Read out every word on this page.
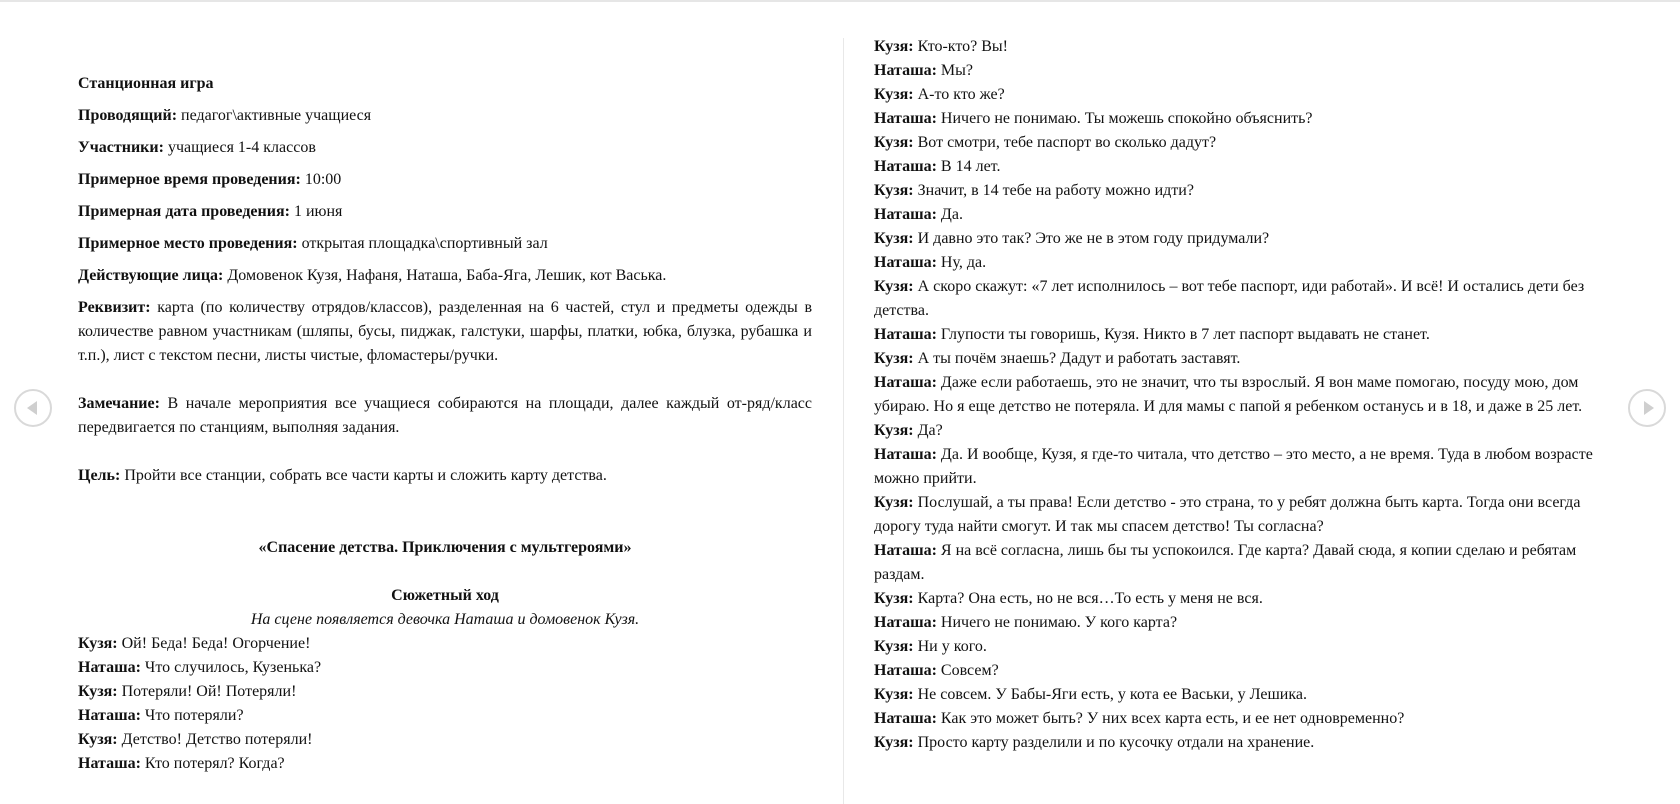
Станционная игра

Проводящий: педагог\активные учащиеся

Участники: учащиеся 1-4 классов

Примерное время проведения: 10:00

Примерная дата проведения: 1 июня

Примерное место проведения: открытая площадка\спортивный зал

Действующие лица: Домовенок Кузя, Нафаня, Наташа, Баба-Яга, Лешик, кот Васька.

Реквизит: карта (по количеству отрядов/классов), разделенная на 6 частей, стул и предметы одежды в количестве равном участникам (шляпы, бусы, пиджак, галстуки, шарфы, платки, юбка, блузка, рубашка и т.п.), лист с текстом песни, листы чистые, фломастеры/ручки.

Замечание: В начале мероприятия все учащиеся собираются на площади, далее каждый от-ряд/класс передвигается по станциям, выполняя задания.

Цель: Пройти все станции, собрать все части карты и сложить карту детства.

«Спасение детства. Приключения с мультгероями»

Сюжетный ход

На сцене появляется девочка Наташа и домовенок Кузя.

Кузя: Ой! Беда! Беда! Огорчение!
Наташа: Что случилось, Кузенька?
Кузя: Потеряли! Ой! Потеряли!
Наташа: Что потеряли?
Кузя: Детство! Детство потеряли!
Наташа: Кто потерял? Когда?
Кузя: Кто-кто? Вы!
Наташа: Мы?
Кузя: А-то кто же?
Наташа: Ничего не понимаю. Ты можешь спокойно объяснить?
Кузя: Вот смотри, тебе паспорт во сколько дадут?
Наташа: В 14 лет.
Кузя: Значит, в 14 тебе на работу можно идти?
Наташа: Да.
Кузя: И давно это так? Это же не в этом году придумали?
Наташа: Ну, да.
Кузя: А скоро скажут: «7 лет исполнилось – вот тебе паспорт, иди работай». И всё! И остались дети без детства.
Наташа: Глупости ты говоришь, Кузя. Никто в 7 лет паспорт выдавать не станет.
Кузя: А ты почём знаешь? Дадут и работать заставят.
Наташа: Даже если работаешь, это не значит, что ты взрослый. Я вон маме помогаю, посуду мою, дом убираю. Но я еще детство не потеряла. И для мамы с папой я ребенком останусь и в 18, и даже в 25 лет.
Кузя: Да?
Наташа: Да. И вообще, Кузя, я где-то читала, что детство – это место, а не время. Туда в любом возрасте можно прийти.
Кузя: Послушай, а ты права! Если детство - это страна, то у ребят должна быть карта. Тогда они всегда дорогу туда найти смогут. И так мы спасем детство! Ты согласна?
Наташа: Я на всё согласна, лишь бы ты успокоился. Где карта? Давай сюда, я копии сделаю и ребятам раздам.
Кузя: Карта? Она есть, но не вся…То есть у меня не вся.
Наташа: Ничего не понимаю. У кого карта?
Кузя: Ни у кого.
Наташа: Совсем?
Кузя: Не совсем. У Бабы-Яги есть, у кота ее Васьки, у Лешика.
Наташа: Как это может быть? У них всех карта есть, и ее нет одновременно?
Кузя: Просто карту разделили и по кусочку отдали на хранение.
